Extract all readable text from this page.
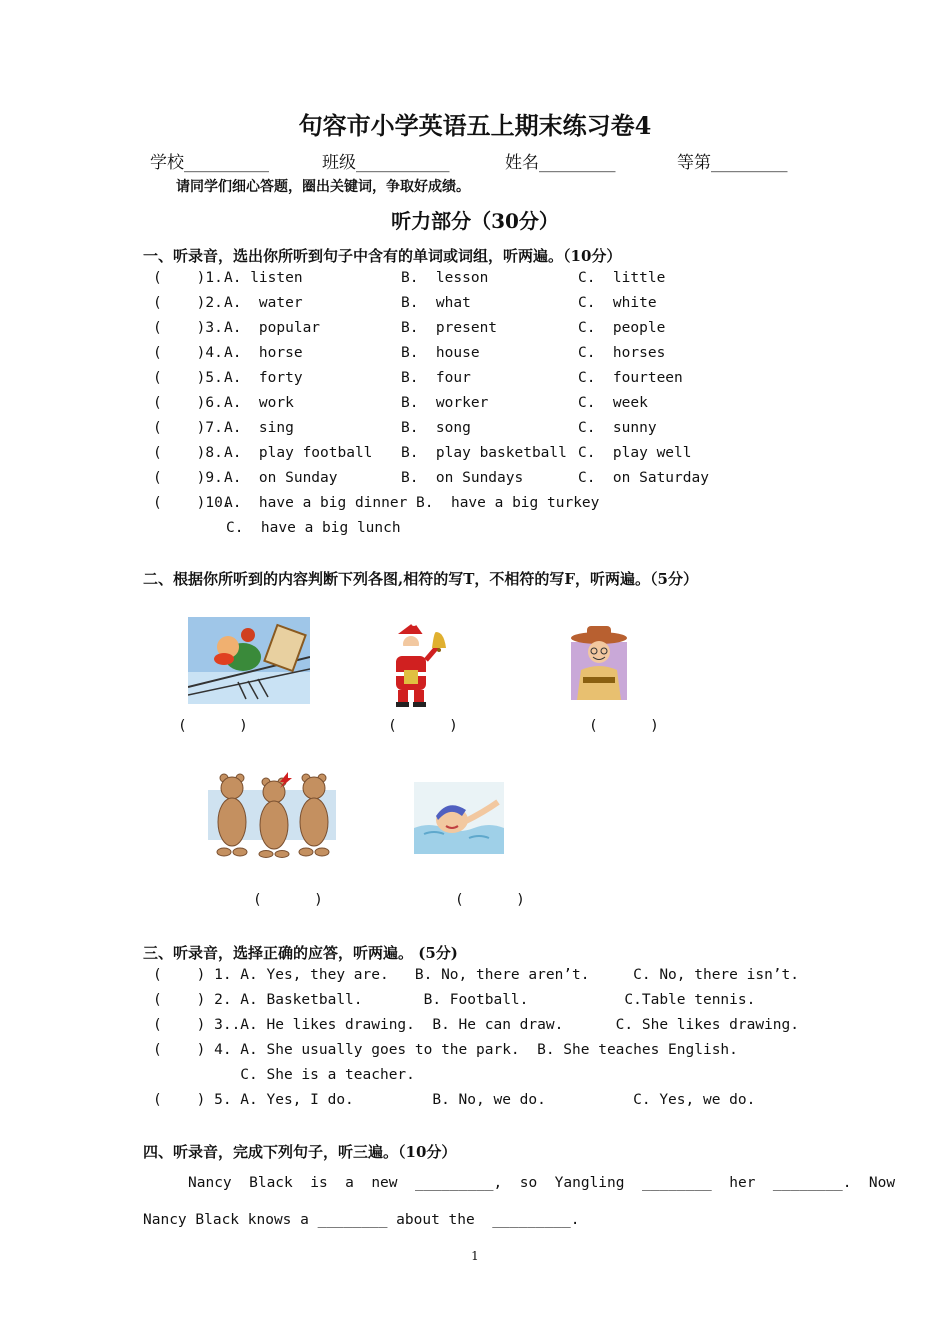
句容市小学英语五上期末练习卷4
学校__________	班级___________	姓名_________	等第_________
请同学们细心答题，圈出关键词，争取好成绩。
听力部分（30分）
一、听录音，选出你所听到句子中含有的单词或词组，听两遍。（10分）
(    )1. A. listen	B.  lesson	C.  little
(    )2. A.  water	B.  what	C.  white
(    )3. A.  popular	B.  present	C.  people
(    )4. A.  horse	B.  house	C.  horses
(    )5. A.  forty	B.  four	C.  fourteen
(    )6. A.  work	B.  worker	C.  week
(    )7. A.  sing	B.  song	C.  sunny
(    )8. A.  play football B.  play basketball C.  play well
(    )9. A.  on Sunday	B.  on Sundays	C.  on Saturday
(    )10.
A.  have a big dinner B.  have a big turkey
C.  have a big lunch
二、根据你所听到的内容判断下列各图,相符的写T，不相符的写F，听两遍。（5分）
(      )	(      )	(      )
(      )	(      )
三、听录音，选择正确的应答，听两遍。 (5分)
(    ) 1. A. Yes, they are.   B. No, there aren’t.     C. No, there isn’t.
(    ) 2. A. Basketball.       B. Football.           C.Table tennis.
(    ) 3..A. He likes drawing.  B. He can draw.      C. She likes drawing.
(    ) 4. A. She usually goes to the park.  B. She teaches English.
C. She is a teacher.
(    ) 5. A. Yes, I do.         B. No, we do.          C. Yes, we do.
四、听录音，完成下列句子，听三遍。（10分）
Nancy  Black  is  a  new  _________,  so  Yangling  ________  her  ________.  Now
Nancy Black knows a ________ about the  _________.
1
